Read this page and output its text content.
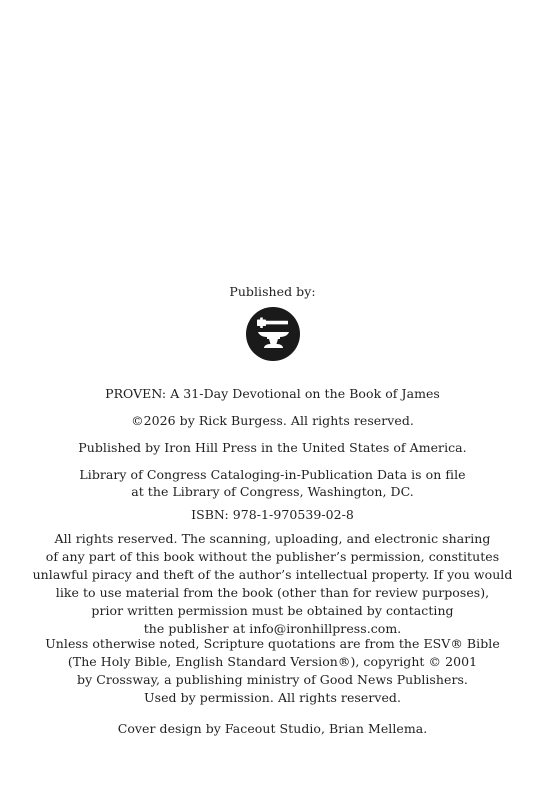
Published by:
PROVEN: A 31-Day Devotional on the Book of James
©2026 by Rick Burgess. All rights reserved.
Published by Iron Hill Press in the United States of America.
Library of Congress Cataloging-in-Publication Data is on file
at the Library of Congress, Washington, DC.
ISBN: 978-1-970539-02-8
All rights reserved. The scanning, uploading, and electronic sharing
of any part of this book without the publisher’s permission, constitutes
unlawful piracy and theft of the author’s intellectual property. If you would
like to use material from the book (other than for review purposes),
prior written permission must be obtained by contacting
the publisher at info@ironhillpress.com.
Unless otherwise noted, Scripture quotations are from the ESV® Bible
(The Holy Bible, English Standard Version®), copyright © 2001
by Crossway, a publishing ministry of Good News Publishers.
Used by permission. All rights reserved.
Cover design by Faceout Studio, Brian Mellema.
